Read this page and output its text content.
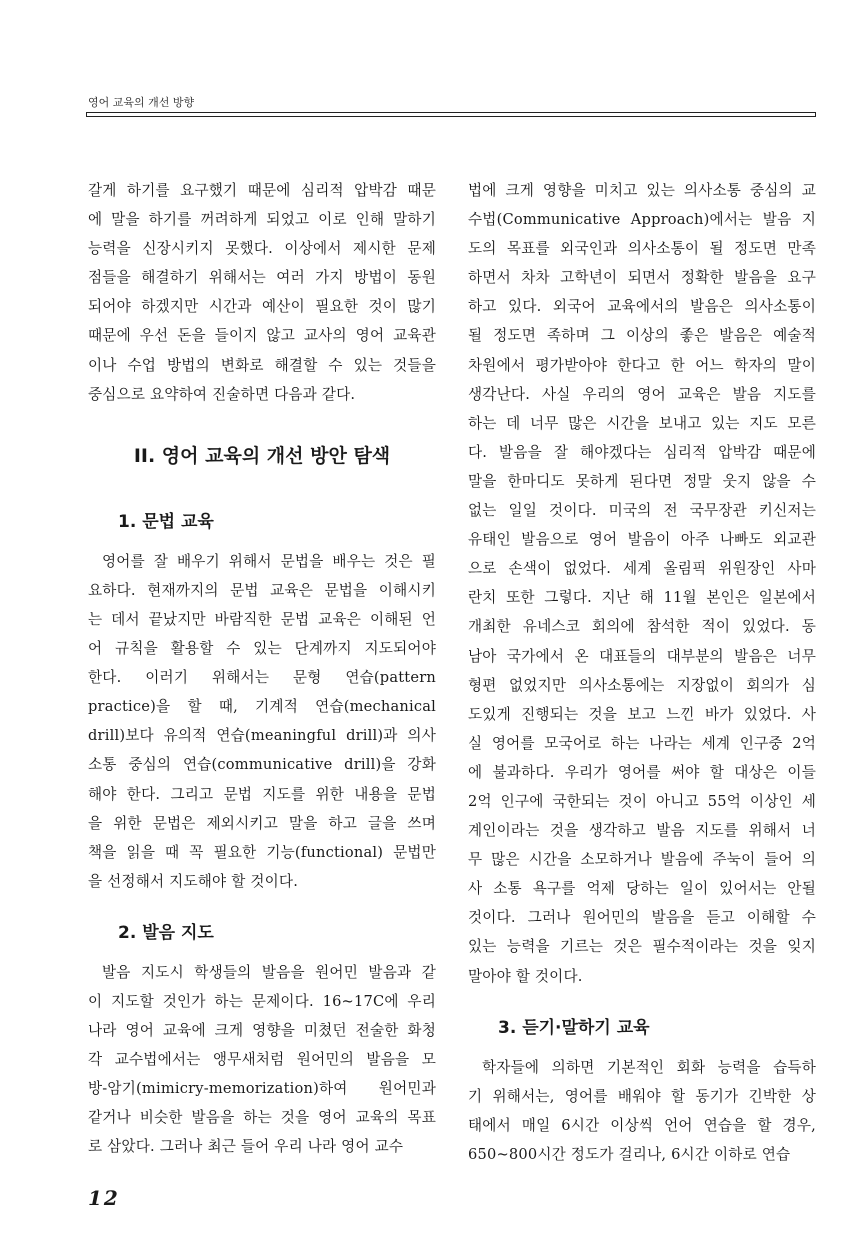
영어 교육의 개선 방향

갈게 하기를 요구했기 때문에 심리적 압박감 때문

에 말을 하기를 꺼려하게 되었고 이로 인해 말하기

능력을 신장시키지 못했다. 이상에서 제시한 문제

점들을 해결하기 위해서는 여러 가지 방법이 동원

되어야 하겠지만 시간과 예산이 필요한 것이 많기

때문에 우선 돈을 들이지 않고 교사의 영어 교육관

이나 수업 방법의 변화로 해결할 수 있는 것들을

중심으로 요약하여 진술하면 다음과 같다.

II. 영어 교육의 개선 방안 탐색
1. 문법 교육

영어를 잘 배우기 위해서 문법을 배우는 것은 필

요하다. 현재까지의 문법 교육은 문법을 이해시키

는 데서 끝났지만 바람직한 문법 교육은 이해된 언

어 규칙을 활용할 수 있는 단계까지 지도되어야

한다. 이러기 위해서는 문형 연습(pattern

practice)을 할 때, 기계적 연습(mechanical

drill)보다 유의적 연습(meaningful drill)과 의사

소통 중심의 연습(communicative drill)을 강화

해야 한다. 그리고 문법 지도를 위한 내용을 문법

을 위한 문법은 제외시키고 말을 하고 글을 쓰며

책을 읽을 때 꼭 필요한 기능(functional) 문법만

을 선정해서 지도해야 할 것이다.

2. 발음 지도

발음 지도시 학생들의 발음을 원어민 발음과 같

이 지도할 것인가 하는 문제이다. 16~17C에 우리

나라 영어 교육에 크게 영향을 미쳤던 전술한 화청

각 교수법에서는 앵무새처럼 원어민의 발음을 모

방-암기(mimicry-memorization)하여 원어민과

같거나 비슷한 발음을 하는 것을 영어 교육의 목표

로 삼았다. 그러나 최근 들어 우리 나라 영어 교수

법에 크게 영향을 미치고 있는 의사소통 중심의 교

수법(Communicative Approach)에서는 발음 지

도의 목표를 외국인과 의사소통이 될 정도면 만족

하면서 차차 고학년이 되면서 정확한 발음을 요구

하고 있다. 외국어 교육에서의 발음은 의사소통이

될 정도면 족하며 그 이상의 좋은 발음은 예술적

차원에서 평가받아야 한다고 한 어느 학자의 말이

생각난다. 사실 우리의 영어 교육은 발음 지도를

하는 데 너무 많은 시간을 보내고 있는 지도 모른

다. 발음을 잘 해야겠다는 심리적 압박감 때문에

말을 한마디도 못하게 된다면 정말 웃지 않을 수

없는 일일 것이다. 미국의 전 국무장관 키신저는

유태인 발음으로 영어 발음이 아주 나빠도 외교관

으로 손색이 없었다. 세계 올림픽 위원장인 사마

란치 또한 그렇다. 지난 해 11월 본인은 일본에서

개최한 유네스코 회의에 참석한 적이 있었다. 동

남아 국가에서 온 대표들의 대부분의 발음은 너무

형편 없었지만 의사소통에는 지장없이 회의가 심

도있게 진행되는 것을 보고 느낀 바가 있었다. 사

실 영어를 모국어로 하는 나라는 세계 인구중 2억

에 불과하다. 우리가 영어를 써야 할 대상은 이들

2억 인구에 국한되는 것이 아니고 55억 이상인 세

계인이라는 것을 생각하고 발음 지도를 위해서 너

무 많은 시간을 소모하거나 발음에 주눅이 들어 의

사 소통 욕구를 억제 당하는 일이 있어서는 안될

것이다. 그러나 원어민의 발음을 듣고 이해할 수

있는 능력을 기르는 것은 필수적이라는 것을 잊지

말아야 할 것이다.

3. 듣기·말하기 교육

학자들에 의하면 기본적인 회화 능력을 습득하

기 위해서는, 영어를 배워야 할 동기가 긴박한 상

태에서 매일 6시간 이상씩 언어 연습을 할 경우,

650~800시간 정도가 걸리나, 6시간 이하로 연습

12
